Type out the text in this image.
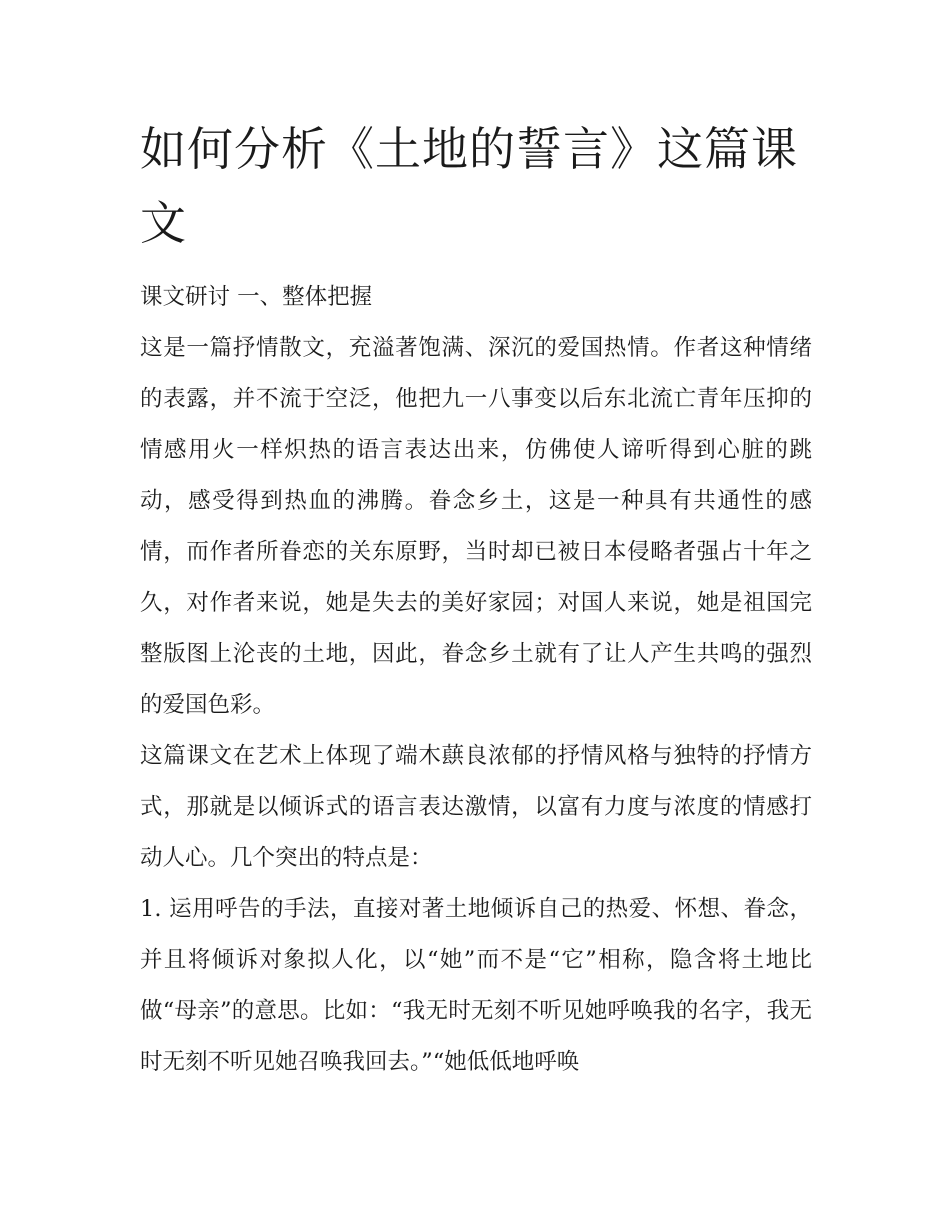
如何分析《土地的誓言》这篇课文

课文研讨 一、整体把握

这是一篇抒情散文，充溢著饱满、深沉的爱国热情。作者这种情绪的表露，并不流于空泛，他把九一八事变以后东北流亡青年压抑的情感用火一样炽热的语言表达出来，仿佛使人谛听得到心脏的跳动，感受得到热血的沸腾。眷念乡土，这是一种具有共通性的感情，而作者所眷恋的关东原野，当时却已被日本侵略者强占十年之久，对作者来说，她是失去的美好家园；对国人来说，她是祖国完整版图上沦丧的土地，因此，眷念乡土就有了让人产生共鸣的强烈的爱国色彩。

这篇课文在艺术上体现了端木蕻良浓郁的抒情风格与独特的抒情方式，那就是以倾诉式的语言表达激情，以富有力度与浓度的情感打动人心。几个突出的特点是：

1. 运用呼告的手法，直接对著土地倾诉自己的热爱、怀想、眷念，并且将倾诉对象拟人化，以“她”而不是“它”相称，隐含将土地比做“母亲”的意思。比如：“我无时无刻不听见她呼唤我的名字，我无时无刻不听见她召唤我回去。”“她低低地呼唤
